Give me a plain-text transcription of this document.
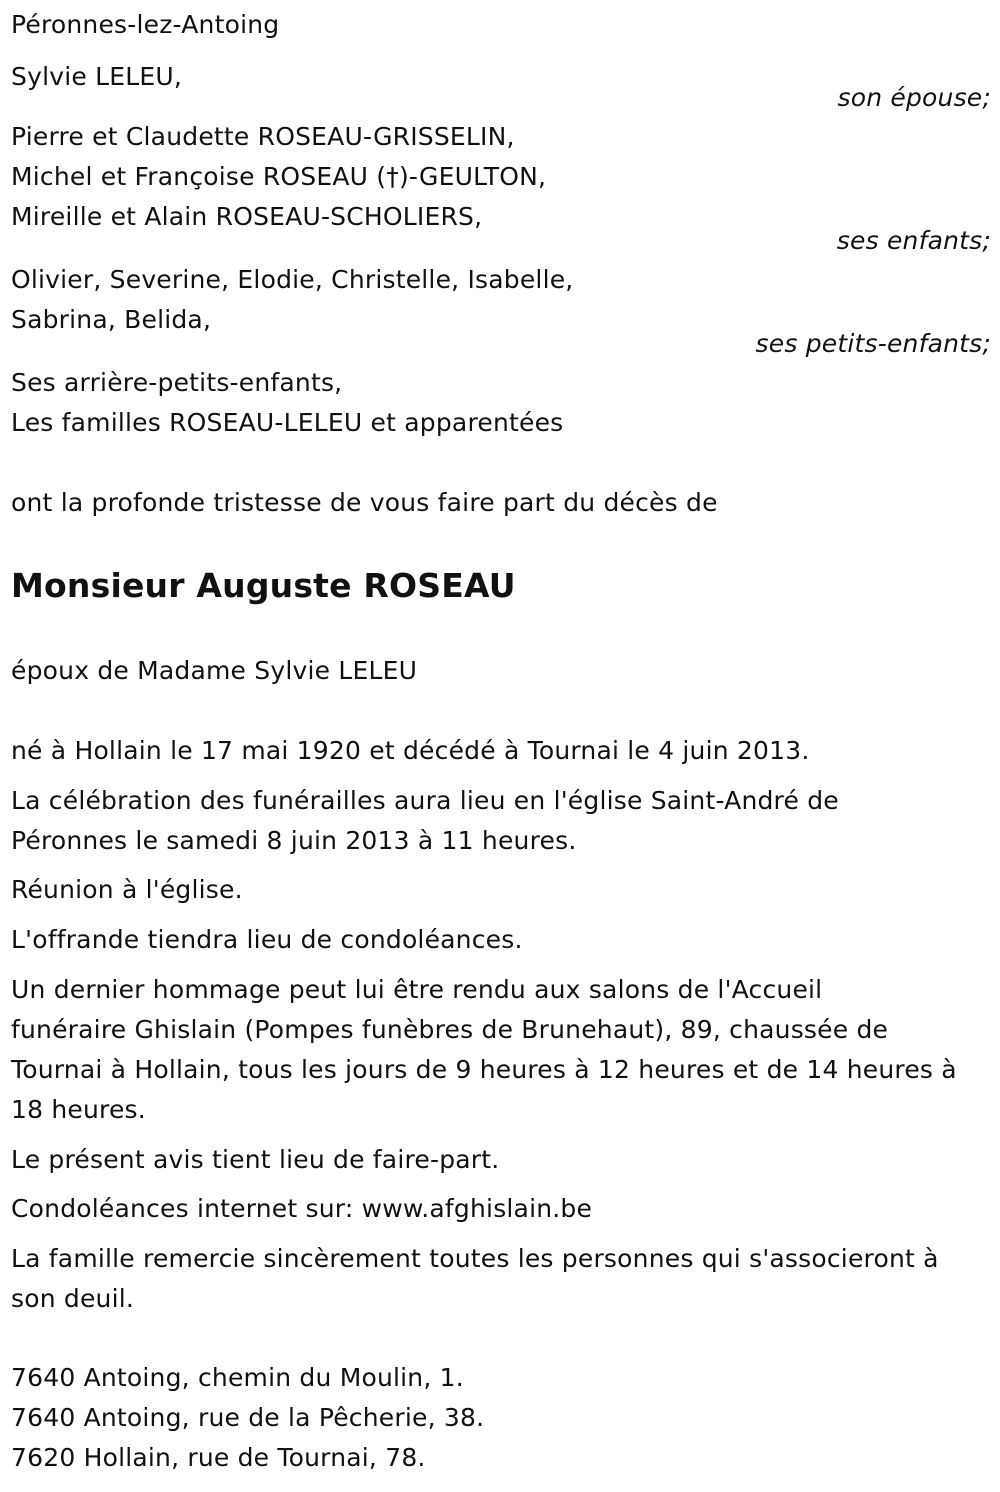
Péronnes-lez-Antoing
Sylvie LELEU,
son épouse;
Pierre et Claudette ROSEAU-GRISSELIN,
Michel et Françoise ROSEAU (†)-GEULTON,
Mireille et Alain ROSEAU-SCHOLIERS,
ses enfants;
Olivier, Severine, Elodie, Christelle, Isabelle,
Sabrina, Belida,
ses petits-enfants;
Ses arrière-petits-enfants,
Les familles ROSEAU-LELEU et apparentées
ont la profonde tristesse de vous faire part du décès de
Monsieur Auguste ROSEAU
époux de Madame Sylvie LELEU
né à Hollain le 17 mai 1920 et décédé à Tournai le 4 juin 2013.
La célébration des funérailles aura lieu en l'église Saint-André de
Péronnes le samedi 8 juin 2013 à 11 heures.
Réunion à l'église.
L'offrande tiendra lieu de condoléances.
Un dernier hommage peut lui être rendu aux salons de l'Accueil
funéraire Ghislain (Pompes funèbres de Brunehaut), 89, chaussée de
Tournai à Hollain, tous les jours de 9 heures à 12 heures et de 14 heures à
18 heures.
Le présent avis tient lieu de faire-part.
Condoléances internet sur: www.afghislain.be
La famille remercie sincèrement toutes les personnes qui s'associeront à
son deuil.
7640 Antoing, chemin du Moulin, 1.
7640 Antoing, rue de la Pêcherie, 38.
7620 Hollain, rue de Tournai, 78.
